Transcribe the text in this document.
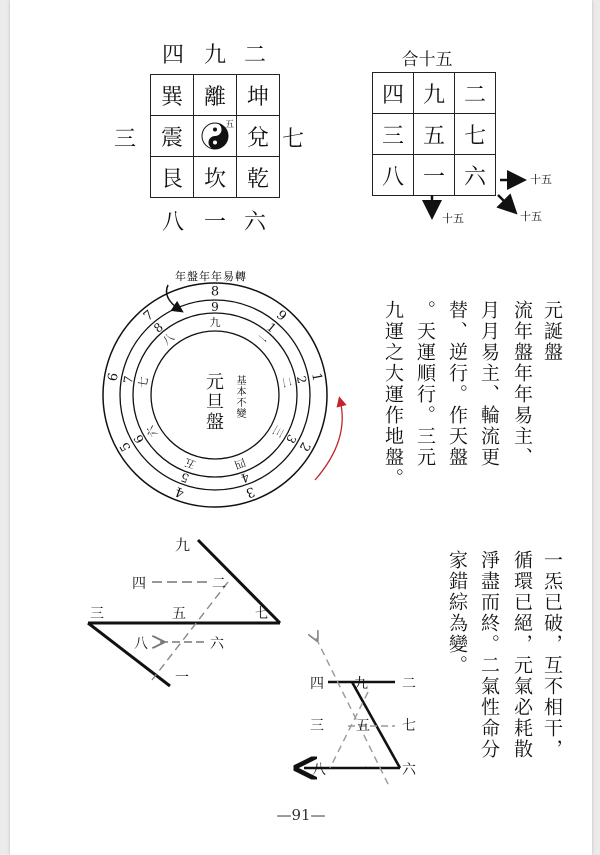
四 九 二
三	七
八 一 六
巽	離	坤
震	五	兌
艮	坎	乾
合十五
四	九	二
三	五	七
八	一	六	十五
十五	十五
年盤年年易轉
8
9
1
2
3
4
5
6
7
9
1
2
3
4
5
6
7
8	九
一
二
三
四
五
六
七
八
元
旦
盤
基本不變
元誕盤
流年盤年年易主、
月月易主、輪流更
替、逆行。作天盤
。天運順行。三元
九運之大運作地盤。
一炁已破，互不相干，
循環已絕，元氣必耗散
淨盡而終。二氣性命分
家錯綜為變。
九
四	二
三	五	七
八	六
一	四 九 二
三 五 七
八 一 六
—91—
